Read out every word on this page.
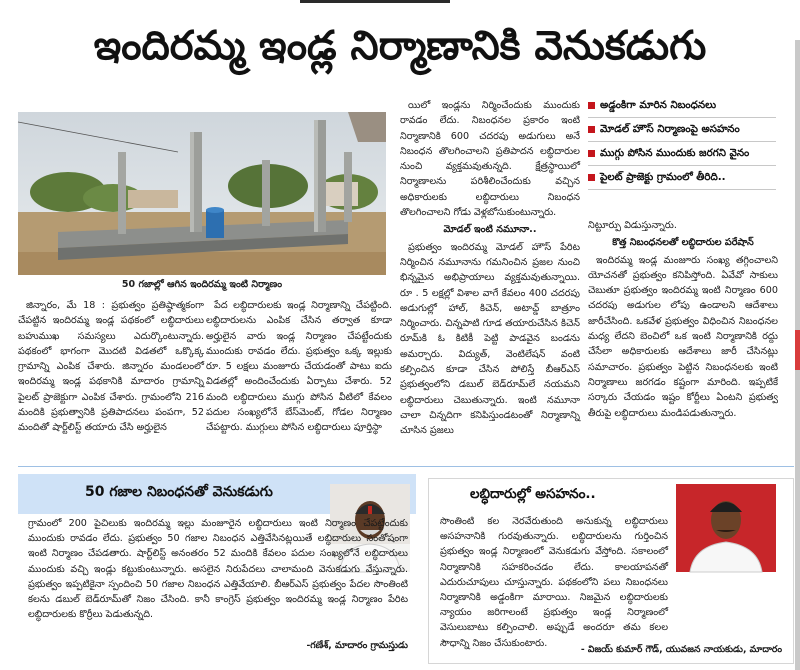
ఇందిరమ్మ ఇండ్ల నిర్మాణానికి వెనుకడుగు
50 గజాల్లో ఆగిన ఇందిరమ్మ ఇంటి నిర్మాణం

జిన్నారం, మే 18 : ప్రభుత్వం ప్రతిష్ఠాత్మకంగా చేపట్టిన ఇందిరమ్మ ఇండ్ల పథకంలో లబ్ధిదారులు బహుముఖ సమస్యలు ఎదుర్కొంటున్నారు. పథకంలో భాగంగా మొదటి విడతలో ఒక్కొక్క గ్రామాన్ని ఎంపిక చేశారు. జిన్నారం మండలంలో ఇందిరమ్మ ఇండ్ల పథకానికి మాదారం గ్రామాన్ని పైలట్ ప్రాజెక్టుగా ఎంపిక చేశారు. గ్రామంలోని 216 మందికి ప్రభుత్వానికి ప్రతిపాదనలు పంపగా, 52 మందితో షార్ట్‌లిస్ట్ తయారు చేసి అర్హులైన

పేద లబ్ధిదారులకు ఇండ్ల నిర్మాణాన్ని చేపట్టింది. లబ్ధిదారులను ఎంపిక చేసిన తర్వాత కూడా అర్హులైన వారు ఇండ్ల నిర్మాణం చేపట్టేందుకు ముందుకు రావడం లేదు. ప్రభుత్వం ఒక్క ఇల్లుకు రూ. 5 లక్షలు మంజూరు చేయడంతో పాటు ఐదు విడతల్లో అందించేందుకు ఏర్పాటు చేశారు. 52 మంది లబ్ధిదారులు ముగ్గు పోసిన వీటిలో కేవలం పదుల సంఖ్యలోనే బేస్‌మెంట్, గోడల నిర్మాణం చేపట్టారు. ముగ్గులు పోసిన లబ్ధిదారులు పూర్తిస్థా

యిలో ఇండ్లను నిర్మించేందుకు ముందుకు రావడం లేదు. నిబంధనల ప్రకారం ఇంటి నిర్మాణానికి 600 చదరపు అడుగులు అనే నిబంధన తొలగించాలని ప్రతిపాదన లబ్ధిదారుల నుంచి వ్యక్తమవుతున్నది. క్షేత్రస్థాయిలో నిర్మాణాలను పరిశీలించేందుకు వచ్చిన అధికారులకు లబ్ధిదారులు నిబంధన తొలగించాలని గోడు వెళ్లబోసుకుంటున్నారు.

మోడల్ ఇంటి నమూనా..

ప్రభుత్వం ఇందిరమ్మ మోడల్ హౌస్ పేరిట నిర్మించిన నమూనాను గమనించిన ప్రజల నుంచి భిన్నమైన అభిప్రాయాలు వ్యక్తమవుతున్నాయి. రూ . 5 లక్షల్లో విశాల వాగే కేవలం 400 చదరపు అడుగుల్లో హాల్, కిచెన్, అటాచ్డ్ బాత్రూం నిర్మించారు. చిన్నపాటి గూడ తయారుచేసిన కిచెన్ రూమ్‌కి ఓ కిటికీ పెట్టి పాడవైన బండను అమర్చారు. విద్యుత్, వెంటిలేషన్ వంటి కల్పించిన కూడా చేసిన పోలిస్తే బీఆర్‌ఎస్ ప్రభుత్వంలోని డబుల్ బెడ్‌రూమ్‌లే నయమని లబ్ధిదారులు చెబుతున్నారు. ఇంటి నమూనా చాలా చిన్నదిగా కనిపిస్తుండటంతో నిర్మాణాన్ని చూసిన ప్రజలు

అడ్డంకిగా మారిన నిబంధనలు
మోడల్ హౌస్ నిర్మాణంపై అసహనం
ముగ్గు పోసిన ముందుకు జరగని వైనం
పైలట్ ప్రాజెక్టు గ్రామంలో తీరిది..
నిట్టూర్పు విడుస్తున్నారు.
కొత్త నిబంధనలతో లబ్ధిదారుల పరేషాన్

ఇందిరమ్మ ఇండ్ల మంజూరు సంఖ్య తగ్గించాలని యోచనతో ప్రభుత్వం కనిపిస్తోంది. ఏవేవో సాకులు చెబుతూ ప్రభుత్వం ఇందిరమ్మ ఇంటి నిర్మాణం 600 చదరపు అడుగుల లోపు ఉండాలని ఆదేశాలు జారీచేసింది. ఒకవేళ ప్రభుత్వం విధించిన నిబంధనల మధ్య లేదని బెంచిలో ఒక ఇంటి నిర్మాణానికి రద్దు చేసేలా అధికారులకు ఆదేశాలు జారీ చేసినట్లు సమాచారం. ప్రభుత్వం పెట్టిన నిబంధనలకు ఇంటి నిర్మాణాలు జరగడం కష్టంగా మారింది. ఇప్పటికే సర్కారు చేయడం ఇష్టం కోర్టీలు ఏంటని ప్రభుత్వ తీరుపై లబ్ధిదారులు మండిపడుతున్నారు.

50 గజాల నిబంధనతో వెనుకడుగు
గ్రామంలో 200 పైచిలుకు ఇందిరమ్మ ఇల్లు మంజూరైన లబ్ధిదారులు ఇంటి నిర్మాణం చేపట్టేందుకు ముందుకు రావడం లేదు. ప్రభుత్వం 50 గజాల నిబంధన ఎత్తివేసినట్లయితే లబ్ధిదారులు సంతోషంగా ఇంటి నిర్మాణం చేపడతారు. షార్ట్‌లిస్ట్ అనంతరం 52 మందికి కేవలం పదుల సంఖ్యలోనే లబ్ధిదారులు ముందుకు వచ్చి ఇండ్లు కట్టుకుంటున్నారు. అసలైన నిరుపేదలు చాలామంది వెనుకడుగు వేస్తున్నారు. ప్రభుత్వం ఇప్పటికైనా స్పందించి 50 గజాల నిబంధన ఎత్తివేయాలి. బీఆర్‌ఎస్ ప్రభుత్వం పేదల సొంతింటి కలను డబుల్ బెడ్‌రూమ్‌తో నిజం చేసింది. కానీ కాంగ్రెస్ ప్రభుత్వం ఇందిరమ్మ ఇండ్ల నిర్మాణం పేరిట లబ్ధిదారులకు కొర్రీలు పెడుతున్నది.
-గణేశ్, మాదారం గ్రామస్తుడు
లబ్ధిదారుల్లో అసహనం..
సొంతింటి కల నెరవేరుతుంది అనుకున్న లబ్ధిదారులు అసహనానికి గురవుతున్నారు. లబ్ధిదారులను గుర్తించిన ప్రభుత్వం ఇండ్ల నిర్మాణంలో వెనుకడుగు వేస్తోంది. సకాలంలో నిర్మాణానికి సహకరించడం లేదు. కాలయాపనతో ఎదురుచూపులు చూస్తున్నారు. పథకంలోని పలు నిబంధనలు నిర్మాణానికి అడ్డంకిగా మారాయి. నిజమైన లబ్ధిదారులకు న్యాయం జరిగాలంటే ప్రభుత్వం ఇండ్ల నిర్మాణంలో వెసులుబాటు కల్పించాలి. అప్పుడే అందరూ తమ కలల సౌధాన్ని నిజం చేసుకుంటారు.
- విజయ్ కుమార్ గౌడ్, యువజన నాయకుడు, మాదారం
